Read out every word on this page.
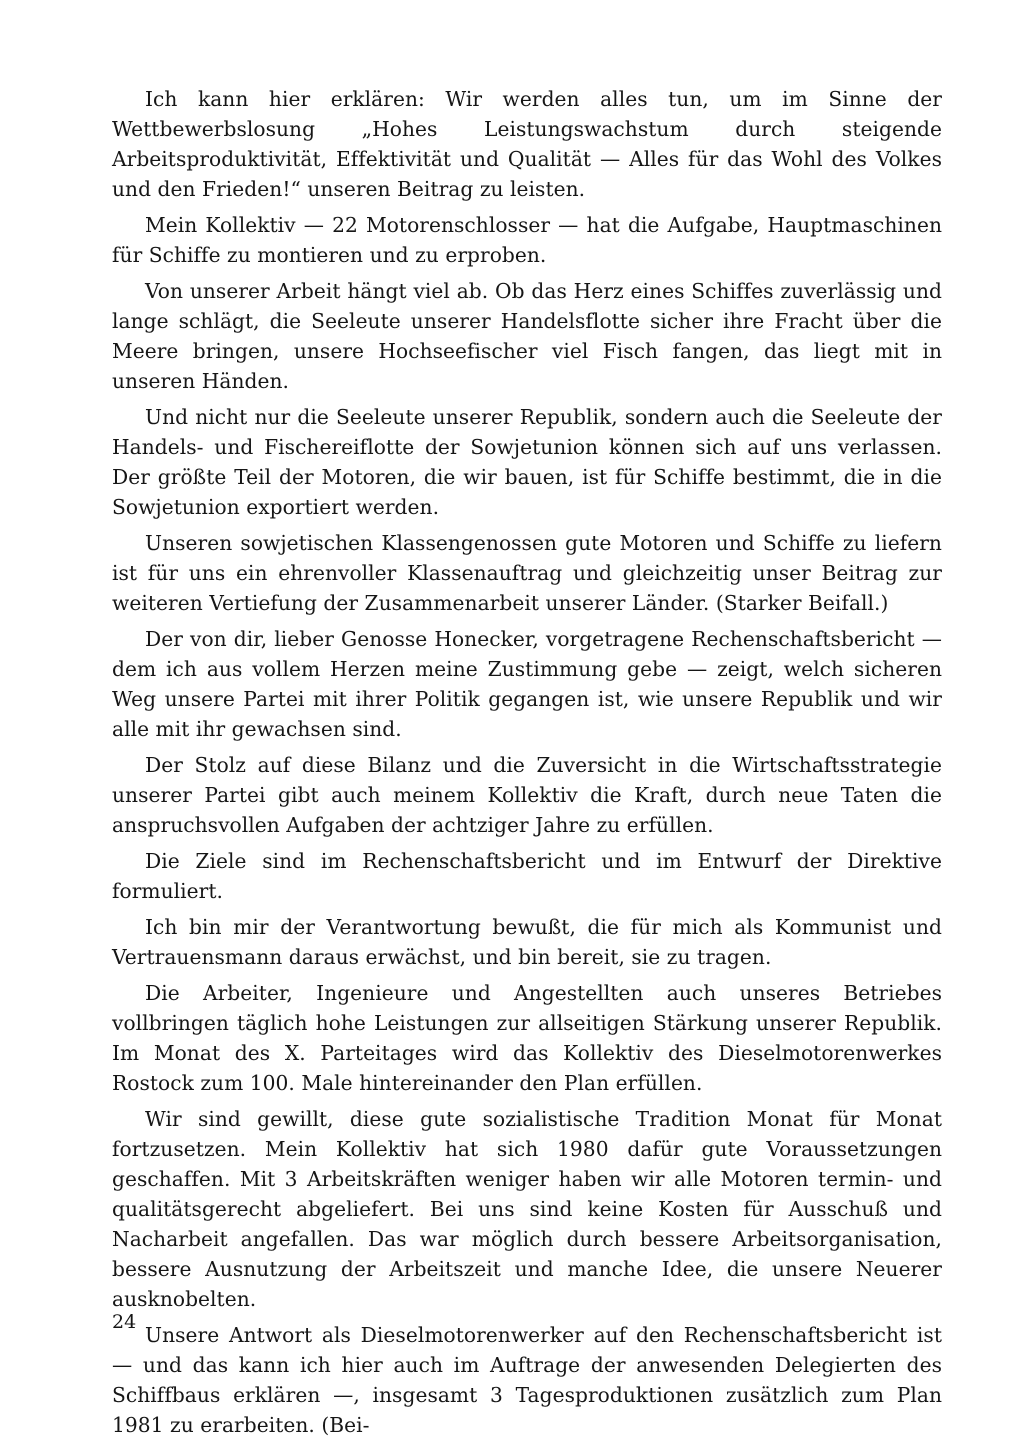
Ich kann hier erklären: Wir werden alles tun, um im Sinne der Wettbewerbslosung „Hohes Leistungswachstum durch steigende Arbeitsproduktivität, Effektivität und Qualität — Alles für das Wohl des Volkes und den Frieden!“ unseren Beitrag zu leisten.

Mein Kollektiv — 22 Motorenschlosser — hat die Aufgabe, Hauptmaschinen für Schiffe zu montieren und zu erproben.

Von unserer Arbeit hängt viel ab. Ob das Herz eines Schiffes zuverlässig und lange schlägt, die Seeleute unserer Handelsflotte sicher ihre Fracht über die Meere bringen, unsere Hochseefischer viel Fisch fangen, das liegt mit in unseren Händen.

Und nicht nur die Seeleute unserer Republik, sondern auch die Seeleute der Handels- und Fischereiflotte der Sowjetunion können sich auf uns verlassen. Der größte Teil der Motoren, die wir bauen, ist für Schiffe bestimmt, die in die Sowjetunion exportiert werden.

Unseren sowjetischen Klassengenossen gute Motoren und Schiffe zu liefern ist für uns ein ehrenvoller Klassenauftrag und gleichzeitig unser Beitrag zur weiteren Vertiefung der Zusammenarbeit unserer Länder. (Starker Beifall.)

Der von dir, lieber Genosse Honecker, vorgetragene Rechenschaftsbericht — dem ich aus vollem Herzen meine Zustimmung gebe — zeigt, welch sicheren Weg unsere Partei mit ihrer Politik gegangen ist, wie unsere Republik und wir alle mit ihr gewachsen sind.

Der Stolz auf diese Bilanz und die Zuversicht in die Wirtschaftsstrategie unserer Partei gibt auch meinem Kollektiv die Kraft, durch neue Taten die anspruchsvollen Aufgaben der achtziger Jahre zu erfüllen.

Die Ziele sind im Rechenschaftsbericht und im Entwurf der Direktive formuliert.

Ich bin mir der Verantwortung bewußt, die für mich als Kommunist und Vertrauensmann daraus erwächst, und bin bereit, sie zu tragen.

Die Arbeiter, Ingenieure und Angestellten auch unseres Betriebes vollbringen täglich hohe Leistungen zur allseitigen Stärkung unserer Republik. Im Monat des X. Parteitages wird das Kollektiv des Dieselmotorenwerkes Rostock zum 100. Male hintereinander den Plan erfüllen.

Wir sind gewillt, diese gute sozialistische Tradition Monat für Monat fortzusetzen. Mein Kollektiv hat sich 1980 dafür gute Voraussetzungen geschaffen. Mit 3 Arbeitskräften weniger haben wir alle Motoren termin- und qualitätsgerecht abgeliefert. Bei uns sind keine Kosten für Ausschuß und Nacharbeit angefallen. Das war möglich durch bessere Arbeitsorganisation, bessere Ausnutzung der Arbeitszeit und manche Idee, die unsere Neuerer ausknobelten.

Unsere Antwort als Dieselmotorenwerker auf den Rechenschaftsbericht ist — und das kann ich hier auch im Auftrage der anwesenden Delegierten des Schiffbaus erklären —, insgesamt 3 Tagesproduktionen zusätzlich zum Plan 1981 zu erarbeiten. (Bei-

24
